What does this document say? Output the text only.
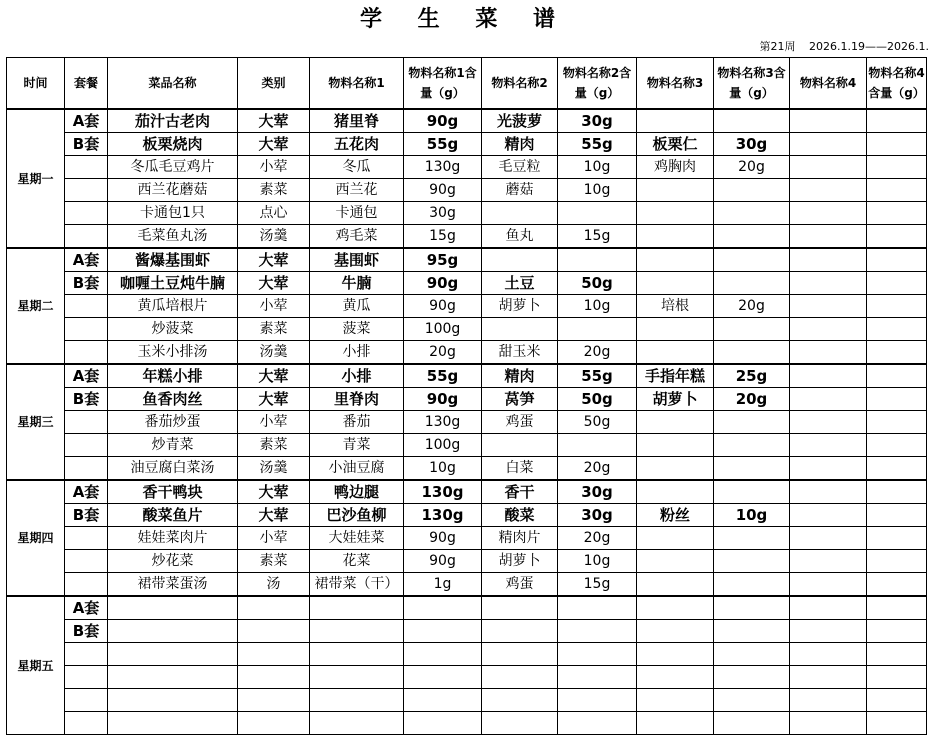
学 生 菜 谱
第21周 2026.1.19——2026.1.
时间	套餐	菜品名称	类别	物料名称1	物料名称1含量（g）	物料名称2	物料名称2含量（g）	物料名称3	物料名称3含量（g）	物料名称4	物料名称4含量（g）
星期一	A套	茄汁古老肉	大荤	猪里脊	90g	光菠萝	30g				
	B套	板栗烧肉	大荤	五花肉	55g	精肉	55g	板栗仁	30g		
		冬瓜毛豆鸡片	小荤	冬瓜	130g	毛豆粒	10g	鸡胸肉	20g		
		西兰花蘑菇	素菜	西兰花	90g	蘑菇	10g				
		卡通包1只	点心	卡通包	30g						
		毛菜鱼丸汤	汤羹	鸡毛菜	15g	鱼丸	15g				
星期二	A套	酱爆基围虾	大荤	基围虾	95g						
	B套	咖喱土豆炖牛腩	大荤	牛腩	90g	土豆	50g				
		黄瓜培根片	小荤	黄瓜	90g	胡萝卜	10g	培根	20g		
		炒菠菜	素菜	菠菜	100g						
		玉米小排汤	汤羹	小排	20g	甜玉米	20g				
星期三	A套	年糕小排	大荤	小排	55g	精肉	55g	手指年糕	25g		
	B套	鱼香肉丝	大荤	里脊肉	90g	莴笋	50g	胡萝卜	20g		
		番茄炒蛋	小荤	番茄	130g	鸡蛋	50g				
		炒青菜	素菜	青菜	100g						
		油豆腐白菜汤	汤羹	小油豆腐	10g	白菜	20g				
星期四	A套	香干鸭块	大荤	鸭边腿	130g	香干	30g				
	B套	酸菜鱼片	大荤	巴沙鱼柳	130g	酸菜	30g	粉丝	10g		
		娃娃菜肉片	小荤	大娃娃菜	90g	精肉片	20g				
		炒花菜	素菜	花菜	90g	胡萝卜	10g				
		裙带菜蛋汤	汤	裙带菜（干）	1g	鸡蛋	15g				
星期五	A套										
	B套										
